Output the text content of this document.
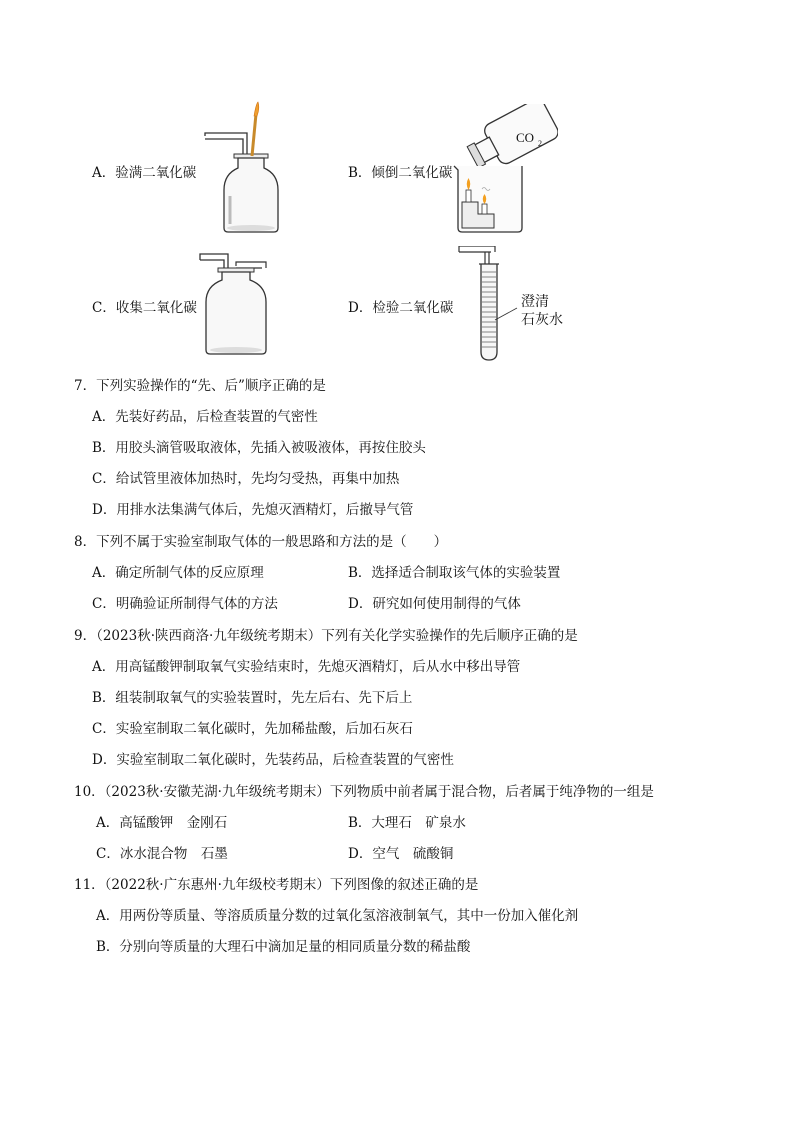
A．验满二氧化碳	B．倾倒二氧化碳
C．收集二氧化碳	D．检验二氧化碳
CO 2
澄清
石灰水
7．下列实验操作的“先、后”顺序正确的是
A．先装好药品，后检查装置的气密性
B．用胶头滴管吸取液体，先插入被吸液体，再按住胶头
C．给试管里液体加热时，先均匀受热，再集中加热
D．用排水法集满气体后，先熄灭酒精灯，后撤导气管
8．下列不属于实验室制取气体的一般思路和方法的是（　　）
A．确定所制气体的反应原理	B．选择适合制取该气体的实验装置
C．明确验证所制得气体的方法	D．研究如何使用制得的气体
9．（2023秋·陕西商洛·九年级统考期末）下列有关化学实验操作的先后顺序正确的是
A．用高锰酸钾制取氧气实验结束时，先熄灭酒精灯，后从水中移出导管
B．组装制取氧气的实验装置时，先左后右、先下后上
C．实验室制取二氧化碳时，先加稀盐酸，后加石灰石
D．实验室制取二氧化碳时，先装药品，后检查装置的气密性
10．（2023秋·安徽芜湖·九年级统考期末）下列物质中前者属于混合物，后者属于纯净物的一组是
A．高锰酸钾　金刚石	B．大理石　矿泉水
C．冰水混合物　石墨	D．空气　硫酸铜
11．（2022秋·广东惠州·九年级校考期末）下列图像的叙述正确的是
A．用两份等质量、等溶质质量分数的过氧化氢溶液制氧气，其中一份加入催化剂
B．分别向等质量的大理石中滴加足量的相同质量分数的稀盐酸
